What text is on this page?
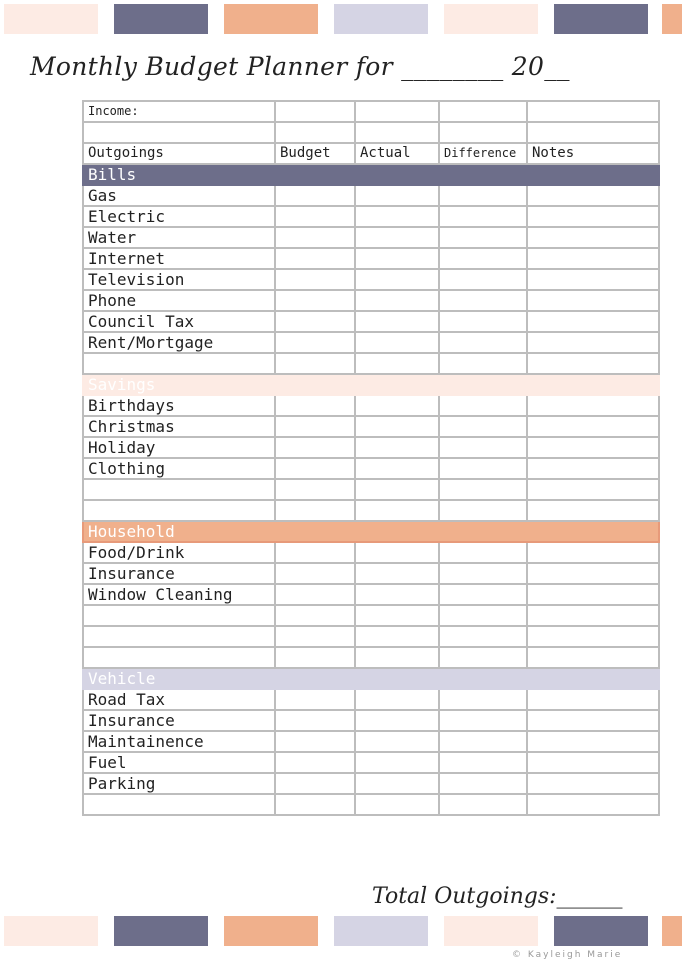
Monthly Budget Planner for ________ 20__
Income:				

Outgoings	Budget	Actual	Difference	Notes
Bills				
Gas				
Electric				
Water				
Internet				
Television				
Phone				
Council Tax				
Rent/Mortgage				

Savings				
Birthdays				
Christmas				
Holiday				
Clothing				

Household				
Food/Drink				
Insurance				
Window Cleaning				

Vehicle				
Road Tax				
Insurance				
Maintainence				
Fuel				
Parking				

Total Outgoings:______
© Kayleigh Marie
